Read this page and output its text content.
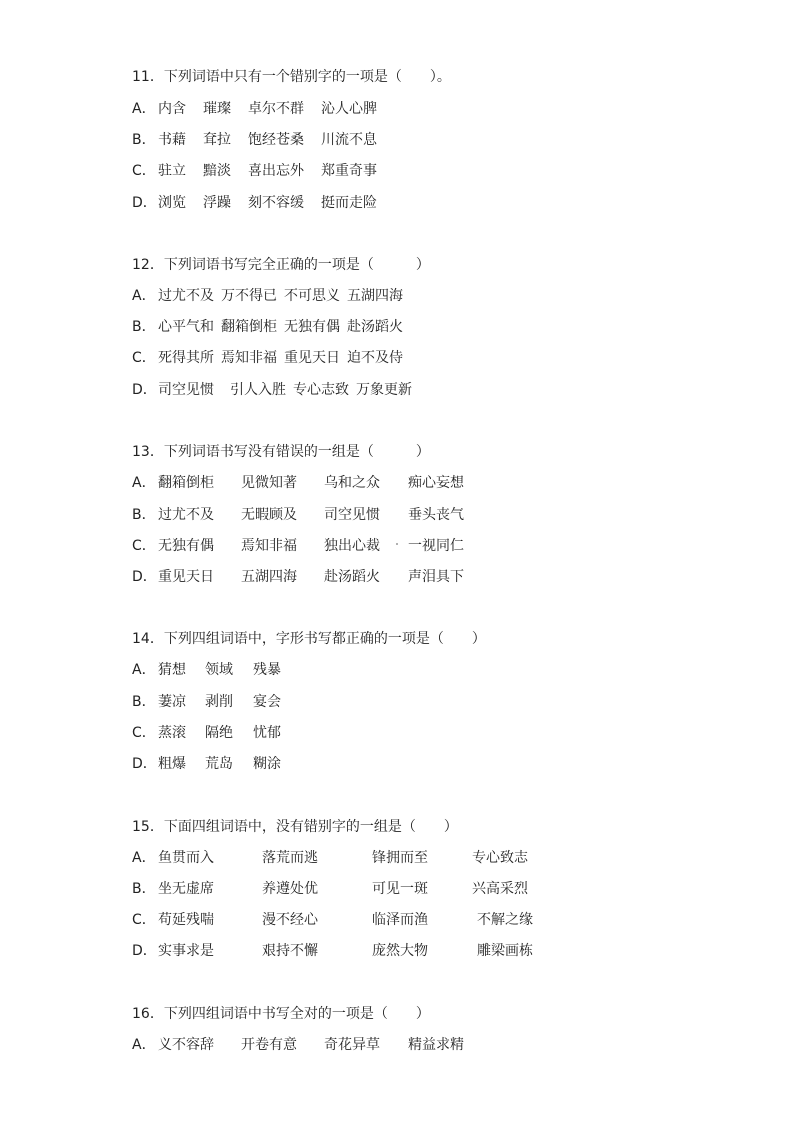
11．下列词语中只有一个错别字的一项是（　　）。
A． 内含 璀璨 卓尔不群 沁人心脾
B． 书藉 耷拉 饱经苍桑 川流不息
C． 驻立 黯淡 喜出忘外 郑重奇事
D． 浏览 浮躁 刻不容缓 挺而走险
12．下列词语书写完全正确的一项是（　　　）
A． 过尤不及 万不得已 不可思义 五湖四海
B． 心平气和 翻箱倒柜 无独有偶 赴汤蹈火
C． 死得其所 焉知非福 重见天日 迫不及侍
D． 司空见惯 引人入胜 专心志致 万象更新
13．下列词语书写没有错误的一组是（　　　）
A． 翻箱倒柜 见微知著 乌和之众 痴心妄想
B． 过尤不及 无暇顾及 司空见惯 垂头丧气
C． 无独有偶 焉知非福 独出心裁 一视同仁
D． 重见天日 五湖四海 赴汤蹈火 声泪具下
14．下列四组词语中，字形书写都正确的一项是（　　）
A． 猜想 领域 残暴
B． 萋凉 剥削 宴会
C． 蒸滚 隔绝 忧郁
D． 粗爆 荒岛 糊涂
15．下面四组词语中，没有错别字的一组是（　　）
A． 鱼贯而入	落荒而逃	锋拥而至	专心致志
B． 坐无虚席	养遵处优	可见一斑	兴高采烈
C． 苟延残喘	漫不经心	临泽而渔	不解之缘
D． 实事求是	艰持不懈	庞然大物	雕梁画栋
16．下列四组词语中书写全对的一项是（　　）
A． 义不容辞 开卷有意 奇花异草 精益求精
